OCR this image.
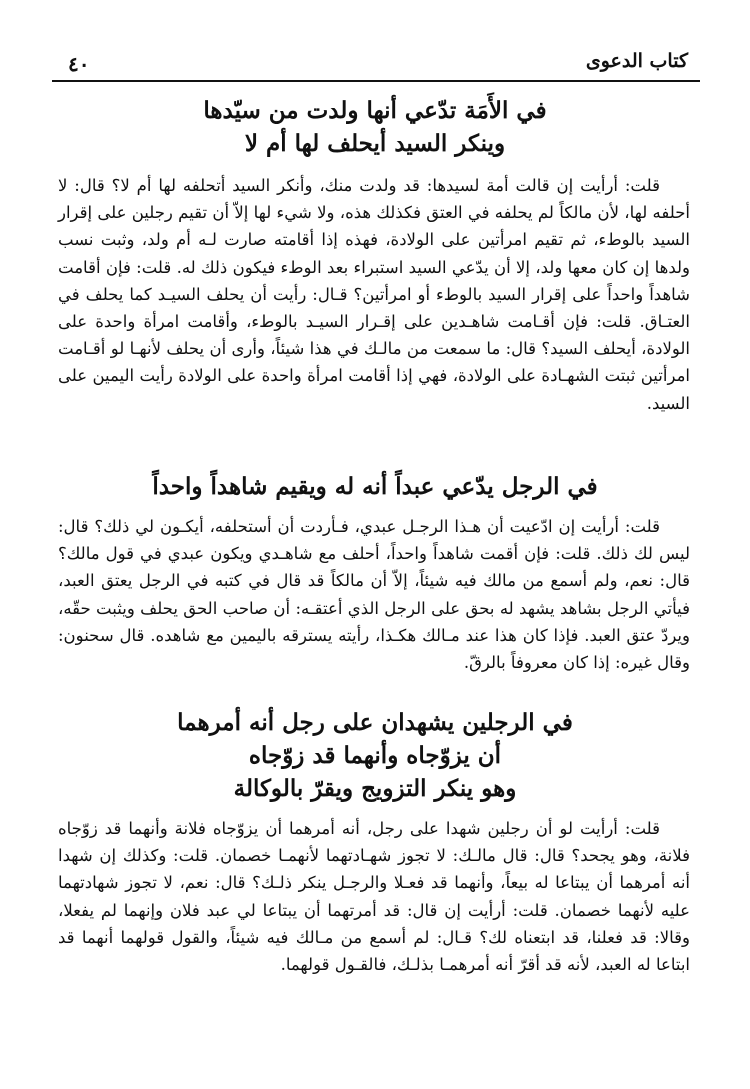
٤٠	كتاب الدعوى
في الأَمَة تدّعي أنها ولدت من سيّدها
وينكر السيد أيحلف لها أم لا

قلت: أرأيت إن قالت أمة لسيدها: قد ولدت منك، وأنكر السيد أتحلفه لها أم لا؟ قال: لا أحلفه لها، لأن مالكاً لم يحلفه في العتق فكذلك هذه، ولا شيء لها إلاّ أن تقيم رجلين على إقرار السيد بالوطء، ثم تقيم امرأتين على الولادة، فهذه إذا أقامته صارت لـه أم ولد، وثبت نسب ولدها إن كان معها ولد، إلا أن يدّعي السيد استبراء بعد الوطء فيكون ذلك له. قلت: فإن أقامت شاهداً واحداً على إقرار السيد بالوطء أو امرأتين؟ قـال: رأيت أن يحلف السيـد كما يحلف في العتـاق. قلت: فإن أقـامت شاهـدين على إقـرار السيـد بالوطء، وأقامت امرأة واحدة على الولادة، أيحلف السيد؟ قال: ما سمعت من مالـك في هذا شيئاً، وأرى أن يحلف لأنهـا لو أقـامت امرأتين ثبتت الشهـادة على الولادة، فهي إذا أقامت امرأة واحدة على الولادة رأيت اليمين على السيد.

في الرجل يدّعي عبداً أنه له ويقيم شاهداً واحداً

قلت: أرأيت إن ادّعيت أن هـذا الرجـل عبدي، فـأردت أن أستحلفه، أيكـون لي ذلك؟ قال: ليس لك ذلك. قلت: فإن أقمت شاهداً واحداً، أحلف مع شاهـدي ويكون عبدي في قول مالك؟ قال: نعم، ولم أسمع من مالك فيه شيئاً، إلاّ أن مالكاً قد قال في كتبه في الرجل يعتق العبد، فيأتي الرجل بشاهد يشهد له بحق على الرجل الذي أعتقـه: أن صاحب الحق يحلف ويثبت حقّه، ويردّ عتق العبد. فإذا كان هذا عند مـالك هكـذا، رأيته يسترقه باليمين مع شاهده. قال سحنون: وقال غيره: إذا كان معروفاً بالرقّ.

في الرجلين يشهدان على رجل أنه أمرهما
أن يزوّجاه وأنهما قد زوّجاه
وهو ينكر التزويج ويقرّ بالوكالة

قلت: أرأيت لو أن رجلين شهدا على رجل، أنه أمرهما أن يزوّجاه فلانة وأنهما قد زوّجاه فلانة، وهو يجحد؟ قال: قال مالـك: لا تجوز شهـادتهما لأنهمـا خصمان. قلت: وكذلك إن شهدا أنه أمرهما أن يبتاعا له بيعاً، وأنهما قد فعـلا والرجـل ينكر ذلـك؟ قال: نعم، لا تجوز شهادتهما عليه لأنهما خصمان. قلت: أرأيت إن قال: قد أمرتهما أن يبتاعا لي عبد فلان وإنهما لم يفعلا، وقالا: قد فعلنا، قد ابتعناه لك؟ قـال: لم أسمع من مـالك فيه شيئاً، والقول قولهما أنهما قد ابتاعا له العبد، لأنه قد أقرّ أنه أمرهمـا بذلـك، فالقـول قولهما.
